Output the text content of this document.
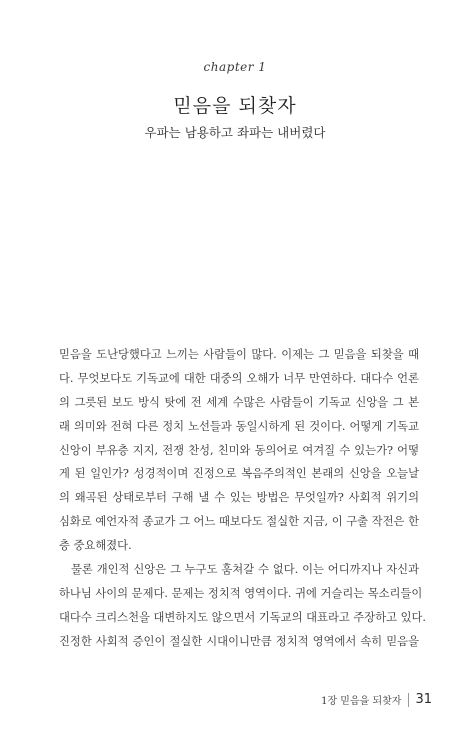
chapter 1
믿음을 되찾자
우파는 남용하고 좌파는 내버렸다
믿음을 도난당했다고 느끼는 사람들이 많다. 이제는 그 믿음을 되찾을 때
다. 무엇보다도 기독교에 대한 대중의 오해가 너무 만연하다. 대다수 언론
의 그릇된 보도 방식 탓에 전 세계 수많은 사람들이 기독교 신앙을 그 본
래 의미와 전혀 다른 정치 노선들과 동일시하게 된 것이다. 어떻게 기독교
신앙이 부유층 지지, 전쟁 찬성, 친미와 동의어로 여겨질 수 있는가? 어떻
게 된 일인가? 성경적이며 진정으로 복음주의적인 본래의 신앙을 오늘날
의 왜곡된 상태로부터 구해 낼 수 있는 방법은 무엇일까? 사회적 위기의
심화로 예언자적 종교가 그 어느 때보다도 절실한 지금, 이 구출 작전은 한
층 중요해졌다.
물론 개인적 신앙은 그 누구도 훔쳐갈 수 없다. 이는 어디까지나 자신과
하나님 사이의 문제다. 문제는 정치적 영역이다. 귀에 거슬리는 목소리들이
대다수 크리스천을 대변하지도 않으면서 기독교의 대표라고 주장하고 있다.
진정한 사회적 증인이 절실한 시대이니만큼 정치적 영역에서 속히 믿음을
1장 믿음을 되찾자 31
